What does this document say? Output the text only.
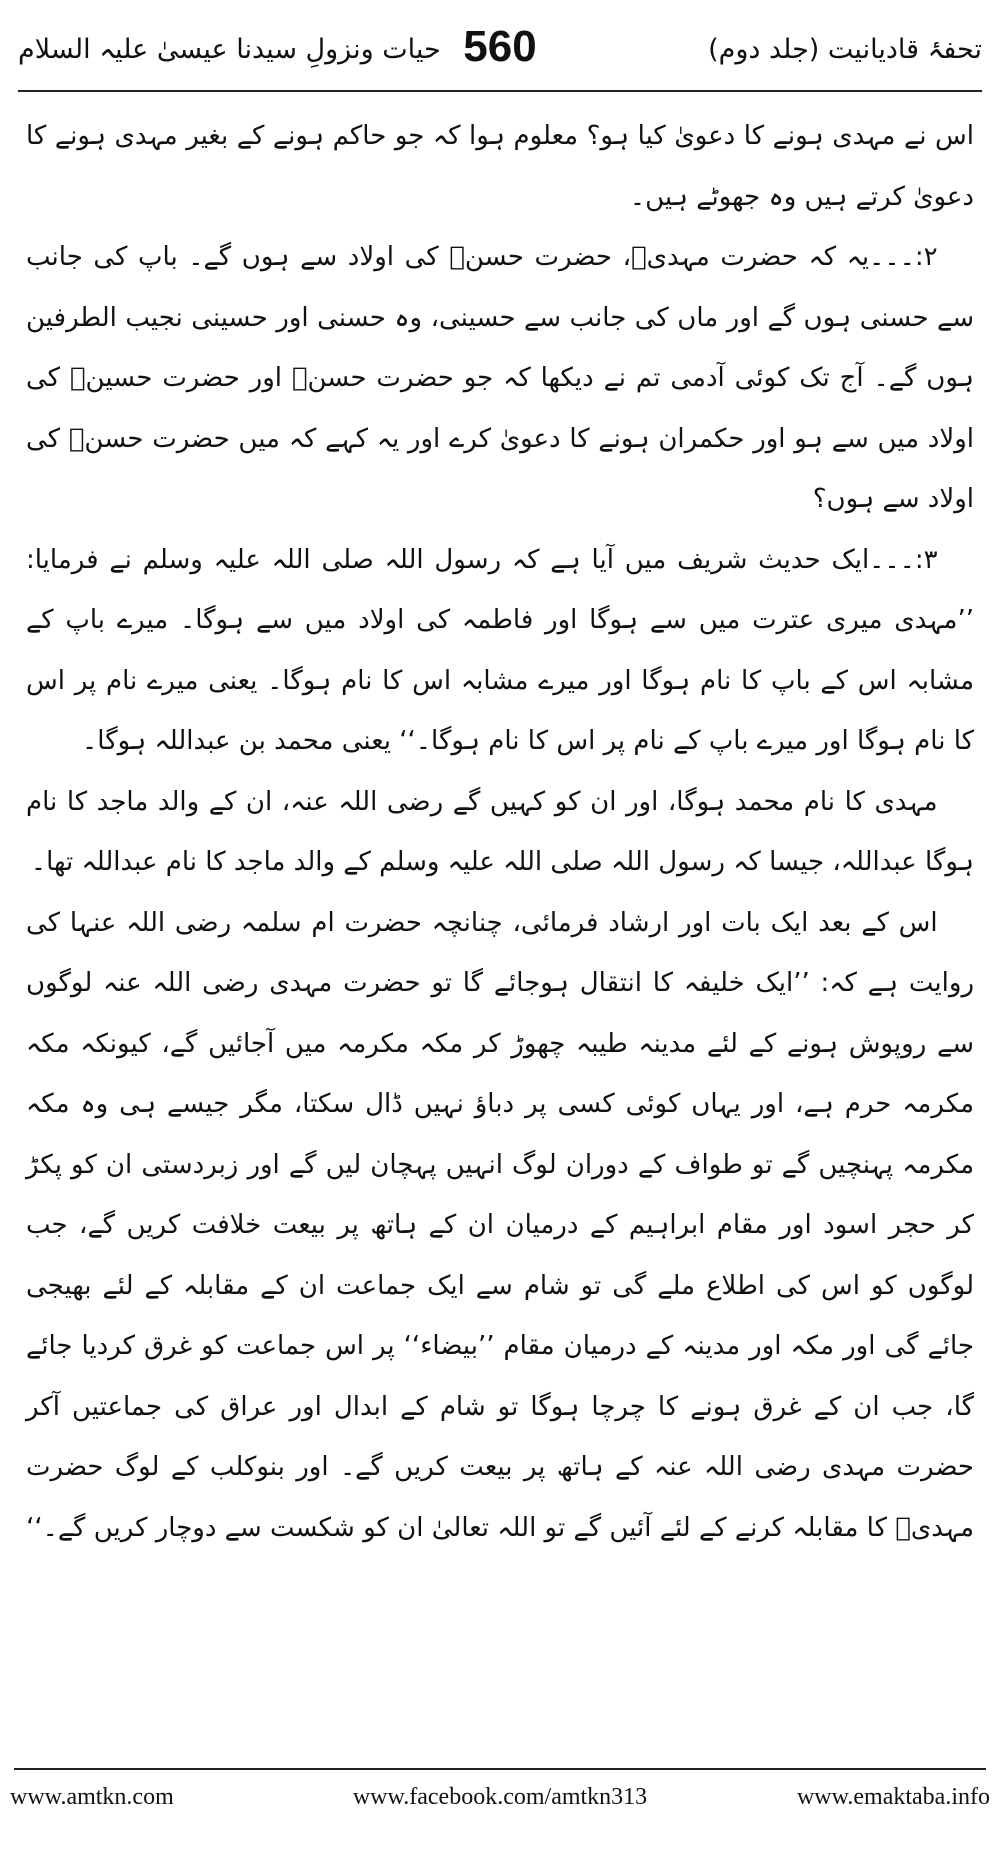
تحفۂ قادیانیت (جلد دوم)
560
حیات ونزولِ سیدنا عیسیٰ علیہ السلام

اس نے مہدی ہونے کا دعویٰ کیا ہو؟ معلوم ہوا کہ جو حاکم ہونے کے بغیر مہدی ہونے کا دعویٰ کرتے ہیں وہ جھوٹے ہیں۔

۲:۔۔۔یہ کہ حضرت مہدیؓ، حضرت حسنؓ کی اولاد سے ہوں گے۔ باپ کی جانب سے حسنی ہوں گے اور ماں کی جانب سے حسینی، وہ حسنی اور حسینی نجیب الطرفین ہوں گے۔ آج تک کوئی آدمی تم نے دیکھا کہ جو حضرت حسنؓ اور حضرت حسینؓ کی اولاد میں سے ہو اور حکمران ہونے کا دعویٰ کرے اور یہ کہے کہ میں حضرت حسنؓ کی اولاد سے ہوں؟

۳:۔۔۔ایک حدیث شریف میں آیا ہے کہ رسول اللہ صلی اللہ علیہ وسلم نے فرمایا: ’’مہدی میری عترت میں سے ہوگا اور فاطمہ کی اولاد میں سے ہوگا۔ میرے باپ کے مشابہ اس کے باپ کا نام ہوگا اور میرے مشابہ اس کا نام ہوگا۔ یعنی میرے نام پر اس کا نام ہوگا اور میرے باپ کے نام پر اس کا نام ہوگا۔‘‘ یعنی محمد بن عبداللہ ہوگا۔

مہدی کا نام محمد ہوگا، اور ان کو کہیں گے رضی اللہ عنہ، ان کے والد ماجد کا نام ہوگا عبداللہ، جیسا کہ رسول اللہ صلی اللہ علیہ وسلم کے والد ماجد کا نام عبداللہ تھا۔

اس کے بعد ایک بات اور ارشاد فرمائی، چنانچہ حضرت ام سلمہ رضی اللہ عنہا کی روایت ہے کہ: ’’ایک خلیفہ کا انتقال ہوجائے گا تو حضرت مہدی رضی اللہ عنہ لوگوں سے روپوش ہونے کے لئے مدینہ طیبہ چھوڑ کر مکہ مکرمہ میں آجائیں گے، کیونکہ مکہ مکرمہ حرم ہے، اور یہاں کوئی کسی پر دباؤ نہیں ڈال سکتا، مگر جیسے ہی وہ مکہ مکرمہ پہنچیں گے تو طواف کے دوران لوگ انہیں پہچان لیں گے اور زبردستی ان کو پکڑ کر حجر اسود اور مقام ابراہیم کے درمیان ان کے ہاتھ پر بیعت خلافت کریں گے، جب لوگوں کو اس کی اطلاع ملے گی تو شام سے ایک جماعت ان کے مقابلہ کے لئے بھیجی جائے گی اور مکہ اور مدینہ کے درمیان مقام ’’بیضاء‘‘ پر اس جماعت کو غرق کردیا جائے گا، جب ان کے غرق ہونے کا چرچا ہوگا تو شام کے ابدال اور عراق کی جماعتیں آکر حضرت مہدی رضی اللہ عنہ کے ہاتھ پر بیعت کریں گے۔ اور بنوکلب کے لوگ حضرت مہدیؓ کا مقابلہ کرنے کے لئے آئیں گے تو اللہ تعالیٰ ان کو شکست سے دوچار کریں گے۔‘‘

www.amtkn.com	www.facebook.com/amtkn313	www.emaktaba.info
